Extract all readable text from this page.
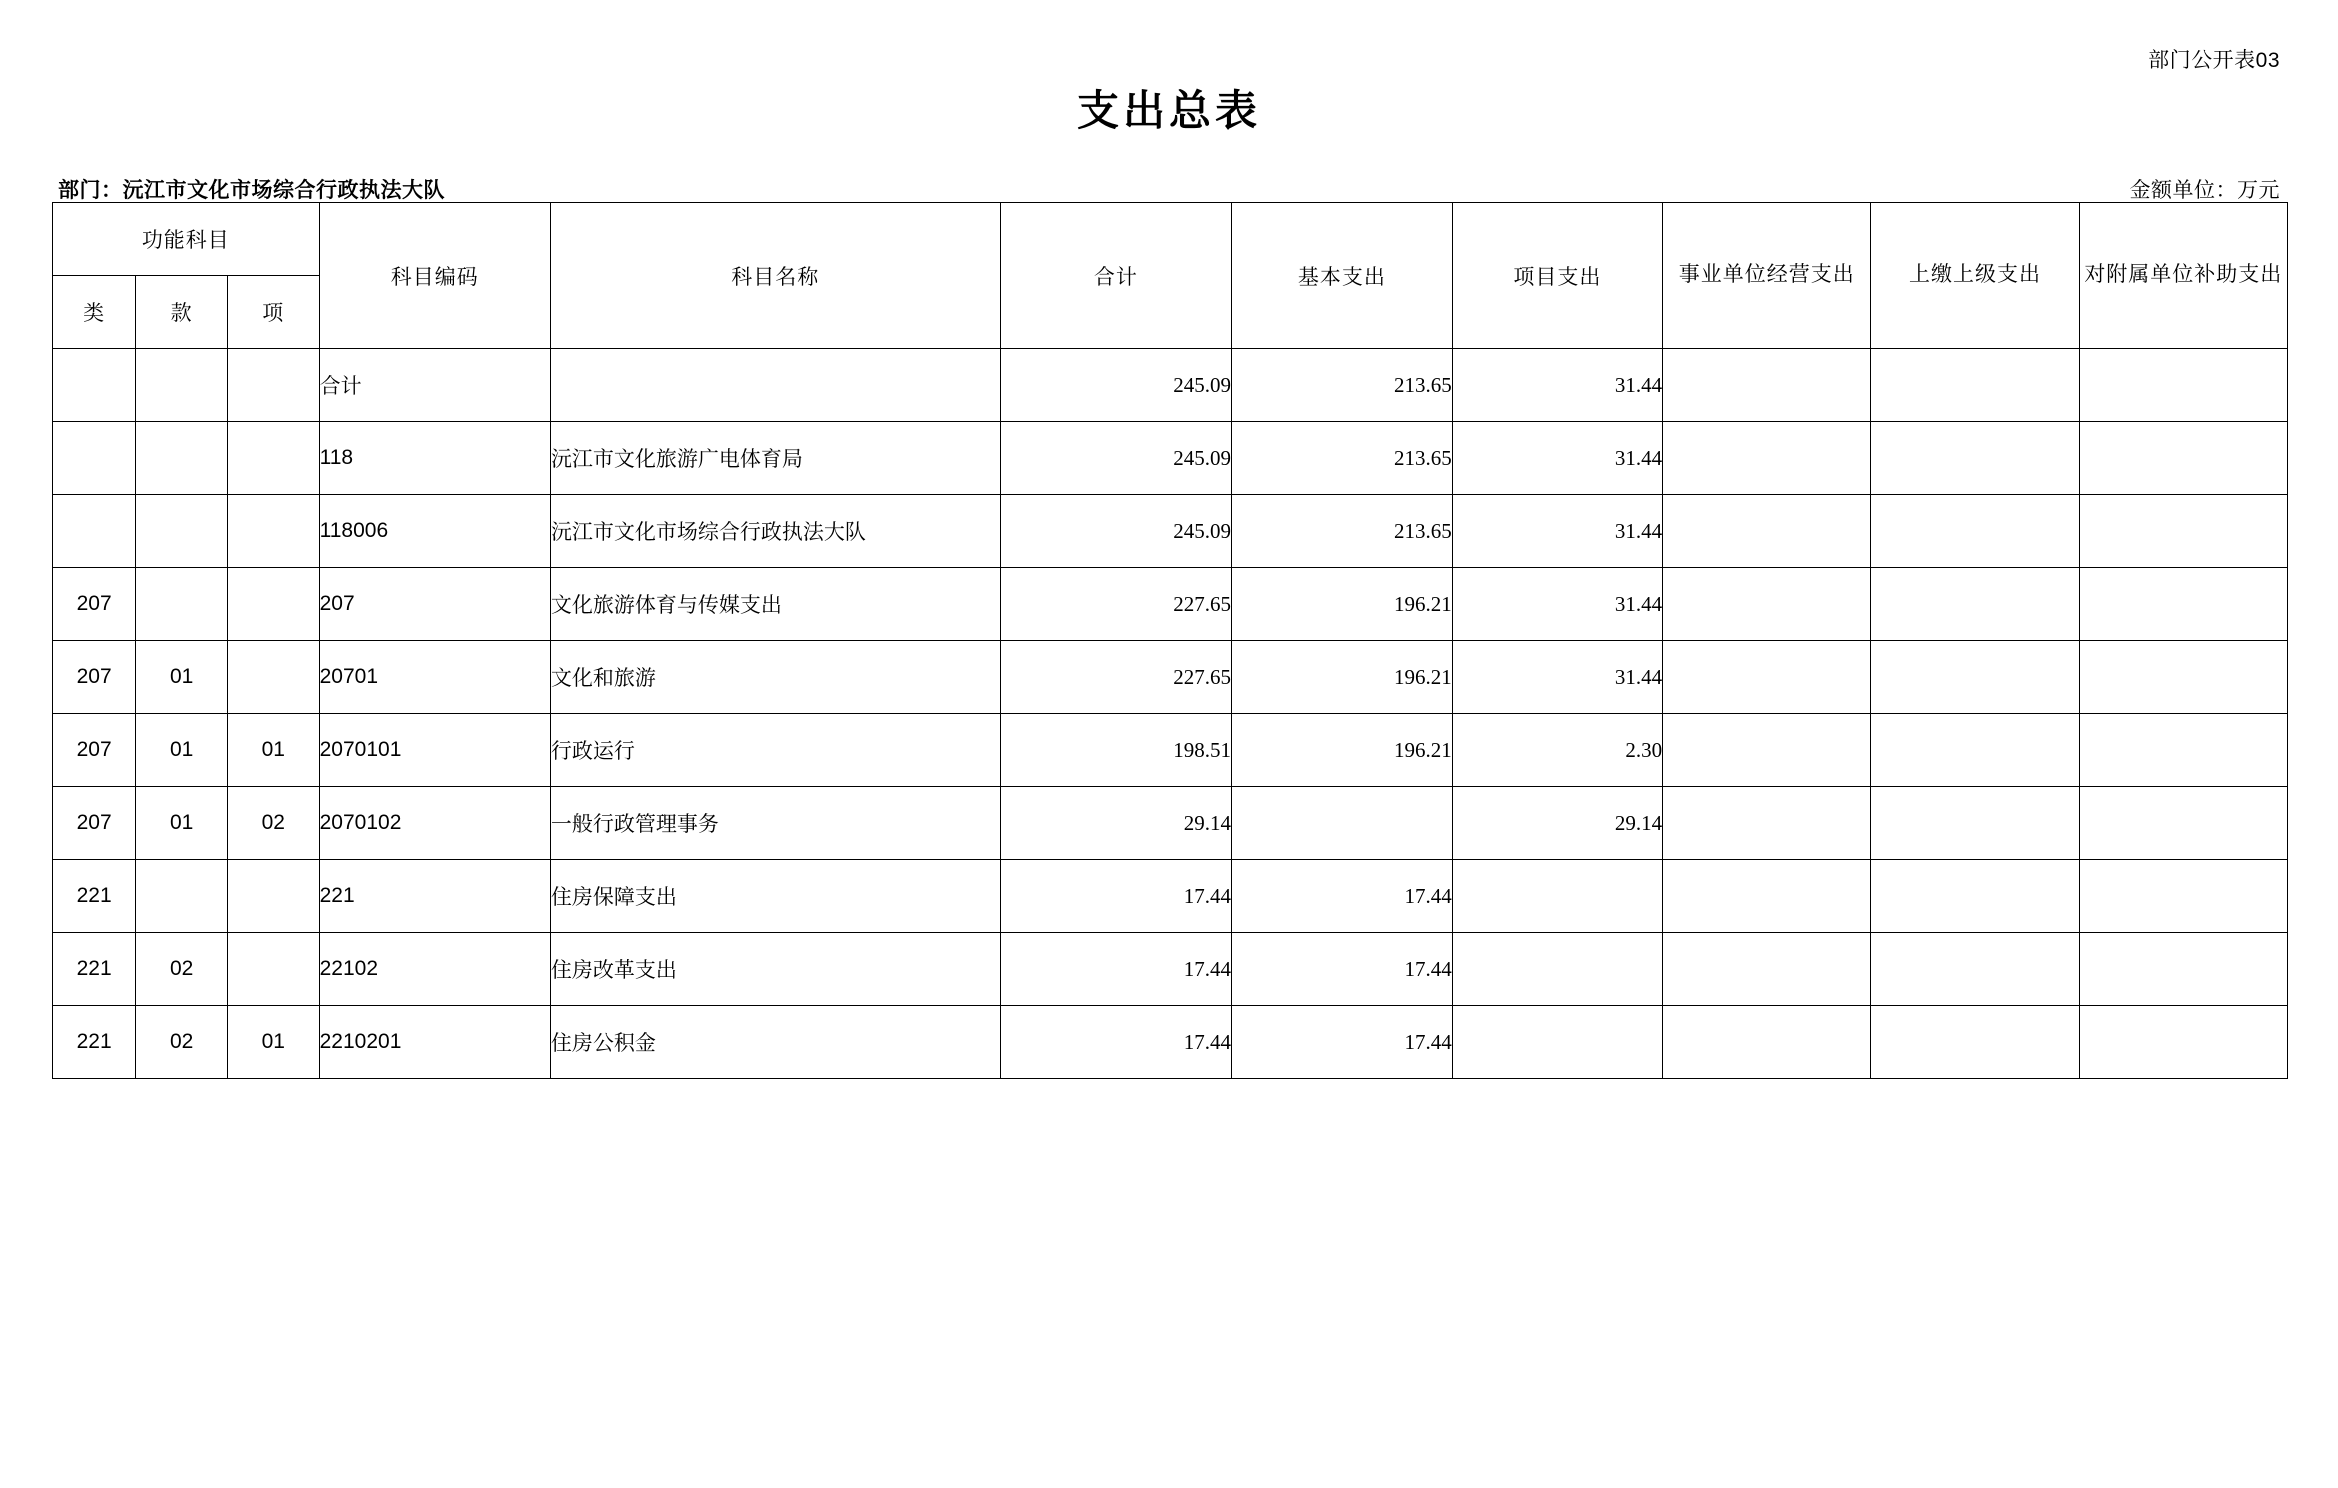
部门公开表03
支出总表
部门：沅江市文化市场综合行政执法大队	金额单位：万元
功能科目			科目编码	科目名称	合计	基本支出	项目支出	事业单位经营支出	上缴上级支出	对附属单位补助支出
类	款	项								
			合计		245.09	213.65	31.44			
			118	沅江市文化旅游广电体育局	245.09	213.65	31.44			
			118006	沅江市文化市场综合行政执法大队	245.09	213.65	31.44			
207			207	文化旅游体育与传媒支出	227.65	196.21	31.44			
207	01		20701	文化和旅游	227.65	196.21	31.44			
207	01	01	2070101	行政运行	198.51	196.21	2.30			
207	01	02	2070102	一般行政管理事务	29.14		29.14			
221			221	住房保障支出	17.44	17.44				
221	02		22102	住房改革支出	17.44	17.44				
221	02	01	2210201	住房公积金	17.44	17.44				
